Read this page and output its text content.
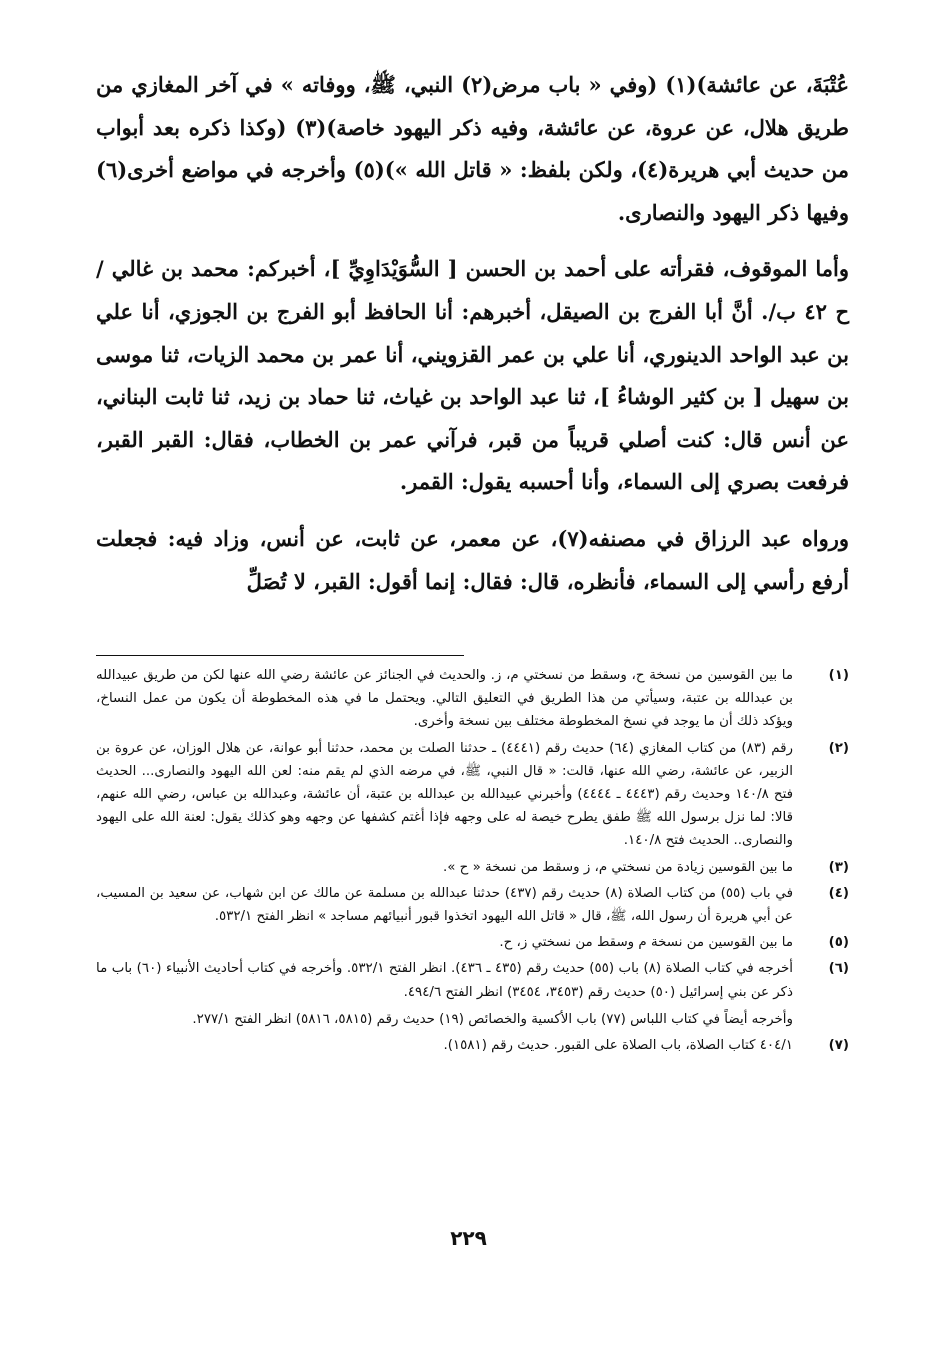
عُتْبَةَ، عن عائشة)(١) (وفي « باب مرض(٢) النبي، ﷺ، ووفاته » في آخر المغازي من طريق هلال، عن عروة، عن عائشة، وفيه ذكر اليهود خاصة)(٣) (وكذا ذكره بعد أبواب من حديث أبي هريرة(٤)، ولكن بلفظ: « قاتل الله »)(٥) وأخرجه في مواضع أخرى(٦) وفيها ذكر اليهود والنصارى.

وأما الموقوف، فقرأته على أحمد بن الحسن [ السُّوَيْدَاوِيِّ ]، أخبركم: محمد بن غالي /ح ٤٢ ب/. أنَّ أبا الفرج بن الصيقل، أخبرهم: أنا الحافظ أبو الفرج بن الجوزي، أنا علي بن عبد الواحد الدينوري، أنا علي بن عمر القزويني، أنا عمر بن محمد الزيات، ثنا موسى بن سهيل [ بن كثير الوشاءُ ]، ثنا عبد الواحد بن غياث، ثنا حماد بن زيد، ثنا ثابت البناني، عن أنس قال: كنت أصلي قريباً من قبر، فرآني عمر بن الخطاب، فقال: القبر القبر، فرفعت بصري إلى السماء، وأنا أحسبه يقول: القمر.

ورواه عبد الرزاق في مصنفه(٧)، عن معمر، عن ثابت، عن أنس، وزاد فيه: فجعلت أرفع رأسي إلى السماء، فأنظره، قال: فقال: إنما أقول: القبر، لا تُصَلِّ

(١)
ما بين القوسين من نسخة ح، وسقط من نسختي م، ز. والحديث في الجنائز عن عائشة رضي الله عنها لكن من طريق عبيدالله بن عبدالله بن عتبة، وسيأتي من هذا الطريق في التعليق التالي. ويحتمل ما في هذه المخطوطة أن يكون من عمل النساخ، ويؤكد ذلك أن ما يوجد في نسخ المخطوطة مختلف بين نسخة وأخرى.
(٢)
رقم (٨٣) من كتاب المغازي (٦٤) حديث رقم (٤٤٤١) ـ حدثنا الصلت بن محمد، حدثنا أبو عوانة، عن هلال الوزان، عن عروة بن الزبير، عن عائشة، رضي الله عنها، قالت: « قال النبي، ﷺ، في مرضه الذي لم يقم منه: لعن الله اليهود والنصارى... الحديث فتح ١٤٠/٨ وحديث رقم (٤٤٤٣ ـ ٤٤٤٤) وأخبرني عبيدالله بن عبدالله بن عتبة، أن عائشة، وعبدالله بن عباس، رضي الله عنهم، قالا: لما نزل برسول الله ﷺ طفق يطرح خيصة له على وجهه فإذا أغتم كشفها عن وجهه وهو كذلك يقول: لعنة الله على اليهود والنصارى.. الحديث فتح ١٤٠/٨.
(٣)
ما بين القوسين زيادة من نسختي م، ز وسقط من نسخة « ح ».
(٤)
في باب (٥٥) من كتاب الصلاة (٨) حديث رقم (٤٣٧) حدثنا عبدالله بن مسلمة عن مالك عن ابن شهاب، عن سعيد بن المسيب، عن أبي هريرة أن رسول الله، ﷺ، قال « قاتل الله اليهود اتخذوا قبور أنبيائهم مساجد » انظر الفتح ٥٣٢/١.
(٥)
ما بين القوسين من نسخة م وسقط من نسختي ز، ح.
(٦)
أخرجه في كتاب الصلاة (٨) باب (٥٥) حديث رقم (٤٣٥ ـ ٤٣٦). انظر الفتح ٥٣٢/١. وأخرجه في كتاب أحاديث الأنبياء (٦٠) باب ما ذكر عن بني إسرائيل (٥٠) حديث رقم (٣٤٥٣، ٣٤٥٤) انظر الفتح ٤٩٤/٦.
وأخرجه أيضاً في كتاب اللباس (٧٧) باب الأكسية والخصائص (١٩) حديث رقم (٥٨١٥، ٥٨١٦) انظر الفتح ٢٧٧/١.
(٧)
٤٠٤/١ كتاب الصلاة، باب الصلاة على القبور. حديث رقم (١٥٨١).
٢٢٩
